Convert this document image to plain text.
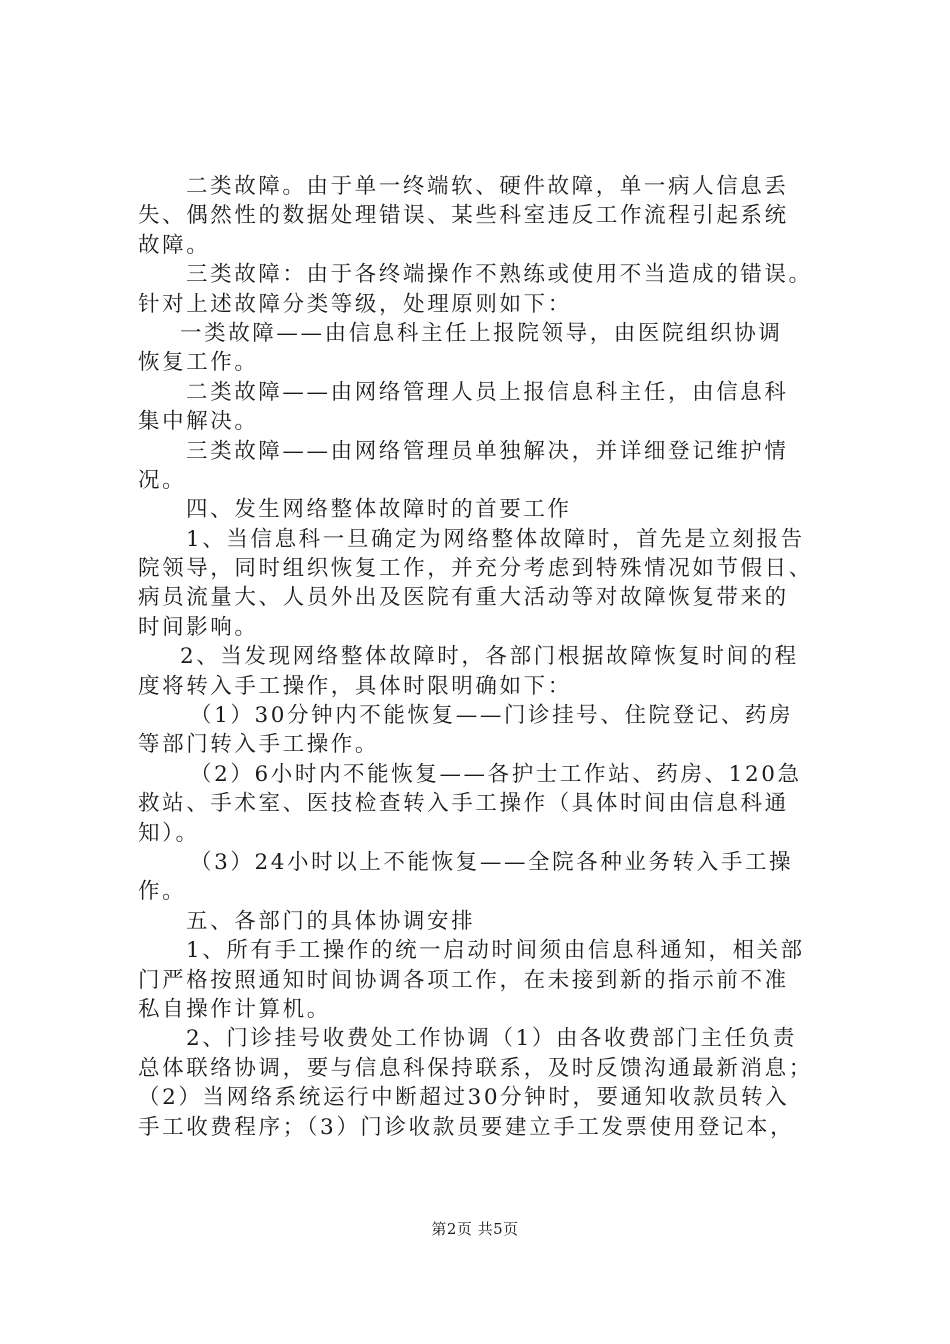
二类故障。由于单一终端软、硬件故障，单一病人信息丢
失、偶然性的数据处理错误、某些科室违反工作流程引起系统
故障。
三类故障：由于各终端操作不熟练或使用不当造成的错误。
针对上述故障分类等级，处理原则如下：
一类故障——由信息科主任上报院领导，由医院组织协调
恢复工作。
二类故障——由网络管理人员上报信息科主任，由信息科
集中解决。
三类故障——由网络管理员单独解决，并详细登记维护情
况。
四、发生网络整体故障时的首要工作
1、当信息科一旦确定为网络整体故障时，首先是立刻报告
院领导，同时组织恢复工作，并充分考虑到特殊情况如节假日、
病员流量大、人员外出及医院有重大活动等对故障恢复带来的
时间影响。
2、当发现网络整体故障时，各部门根据故障恢复时间的程
度将转入手工操作，具体时限明确如下：
（1）30分钟内不能恢复——门诊挂号、住院登记、药房
等部门转入手工操作。
（2）6小时内不能恢复——各护士工作站、药房、120急
救站、手术室、医技检查转入手工操作（具体时间由信息科通
知）。
（3）24小时以上不能恢复——全院各种业务转入手工操
作。
五、各部门的具体协调安排
1、所有手工操作的统一启动时间须由信息科通知，相关部
门严格按照通知时间协调各项工作，在未接到新的指示前不准
私自操作计算机。
2、门诊挂号收费处工作协调（1）由各收费部门主任负责
总体联络协调，要与信息科保持联系，及时反馈沟通最新消息；
（2）当网络系统运行中断超过30分钟时，要通知收款员转入
手工收费程序；（3）门诊收款员要建立手工发票使用登记本，
第2页 共5页
